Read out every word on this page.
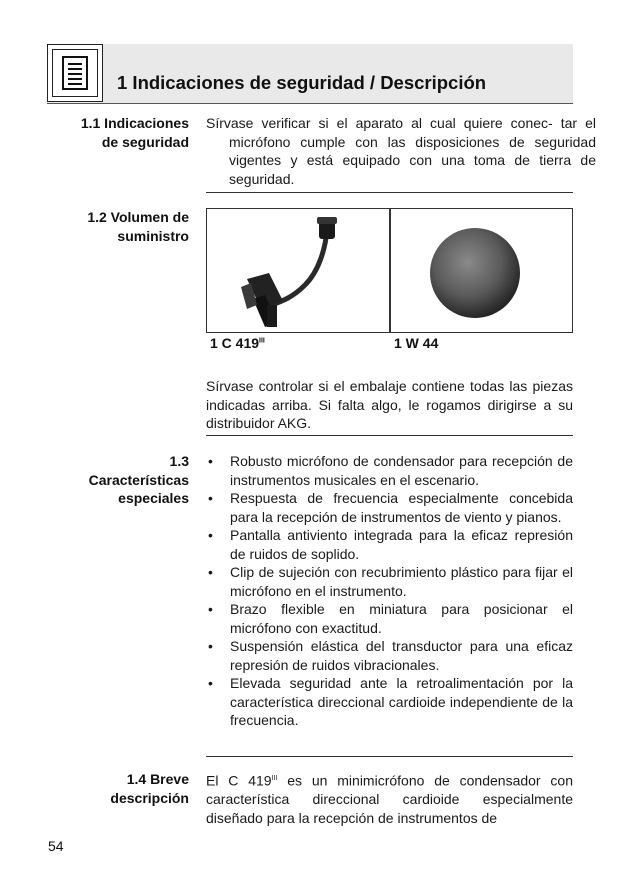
1 Indicaciones de seguridad / Descripción
1.1 Indicaciones
de seguridad
Sírvase verificar si el aparato al cual quiere conec- tar el micrófono cumple con las disposiciones de seguridad vigentes y está equipado con una toma de tierra de seguridad.
1.2 Volumen de
suministro
1 C $419^{III}$	1 W 44
Sírvase controlar si el embalaje contiene todas las piezas indicadas arriba. Si falta algo, le rogamos dirigirse a su distribuidor AKG.
1.3
Características
especiales
• Robusto micrófono de condensador para recepción de instrumentos musicales en el escenario.
• Respuesta de frecuencia especialmente concebida para la recepción de instrumentos de viento y pianos.
• Pantalla antiviento integrada para la eficaz represión de ruidos de soplido.
• Clip de sujeción con recubrimiento plástico para fijar el micrófono en el instrumento.
• Brazo flexible en miniatura para posicionar el micrófono con exactitud.
• Suspensión elástica del transductor para una eficaz represión de ruidos vibracionales.
• Elevada seguridad ante la retroalimentación por la característica direccional cardioide independiente de la frecuencia.
1.4 Breve
descripción
El C $419^{III}$ es un minimicrófono de condensador con característica direccional cardioide especialmente diseñado para la recepción de instrumentos de
54
